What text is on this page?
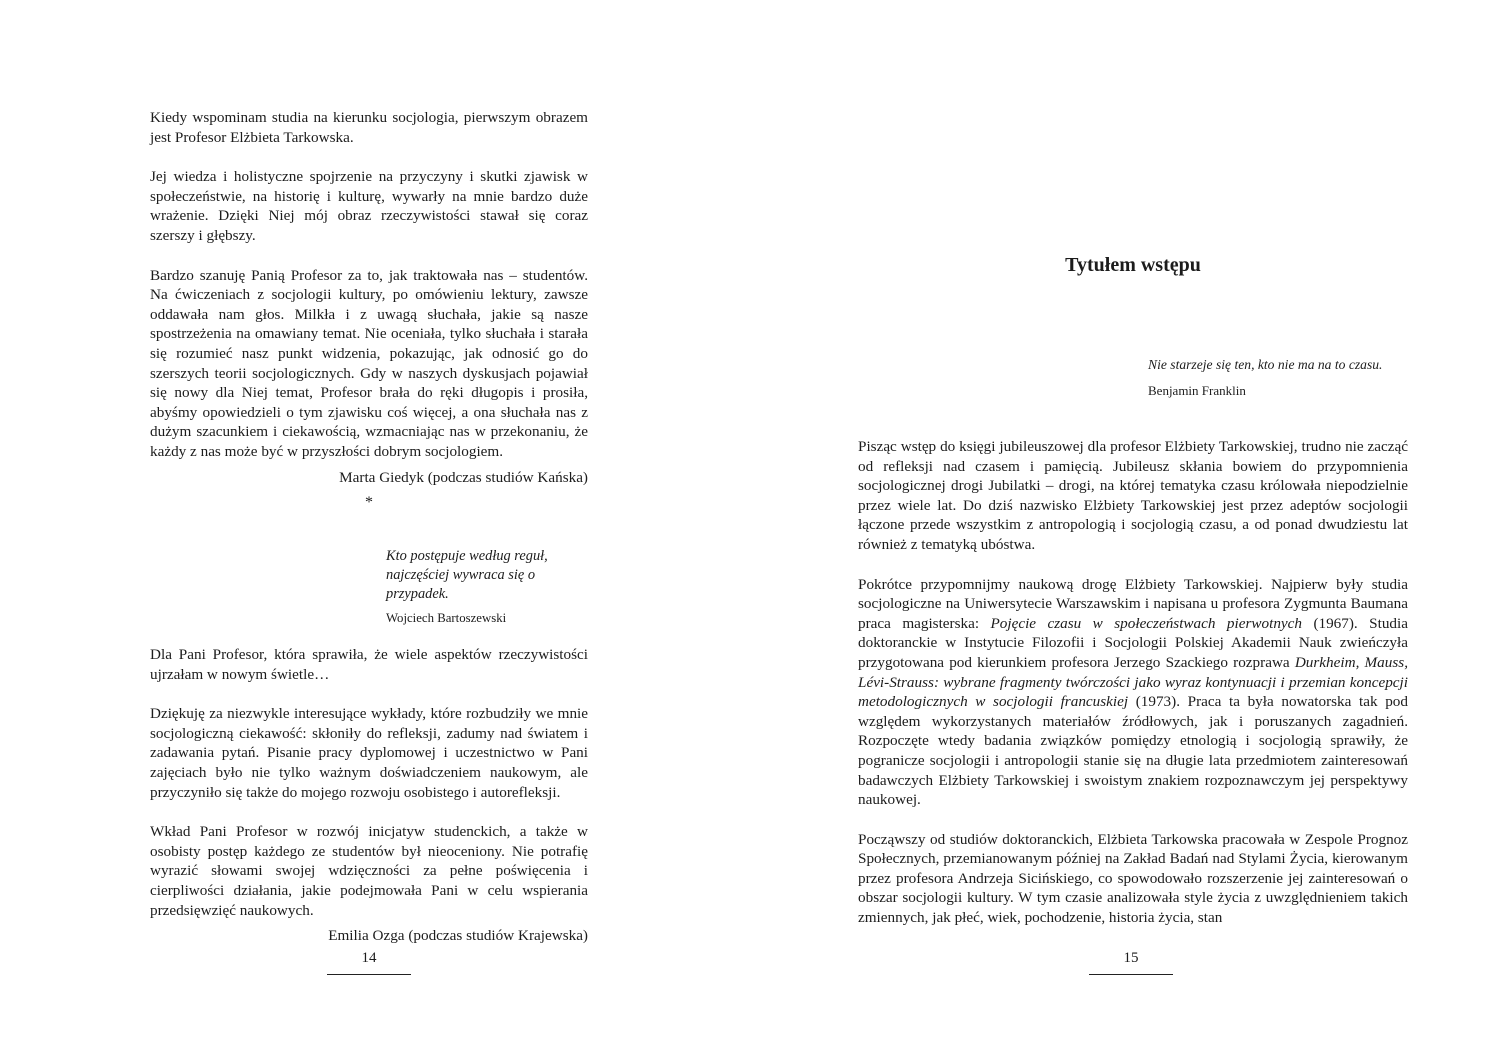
Kiedy wspominam studia na kierunku socjologia, pierwszym obrazem jest Profesor Elżbieta Tarkowska.

Jej wiedza i holistyczne spojrzenie na przyczyny i skutki zjawisk w społeczeństwie, na historię i kulturę, wywarły na mnie bardzo duże wrażenie. Dzięki Niej mój obraz rzeczywistości stawał się coraz szerszy i głębszy.

Bardzo szanuję Panią Profesor za to, jak traktowała nas – studentów. Na ćwiczeniach z socjologii kultury, po omówieniu lektury, zawsze oddawała nam głos. Milkła i z uwagą słuchała, jakie są nasze spostrzeżenia na omawiany temat. Nie oceniała, tylko słuchała i starała się rozumieć nasz punkt widzenia, pokazując, jak odnosić go do szerszych teorii socjologicznych. Gdy w naszych dyskusjach pojawiał się nowy dla Niej temat, Profesor brała do ręki długopis i prosiła, abyśmy opowiedzieli o tym zjawisku coś więcej, a ona słuchała nas z dużym szacunkiem i ciekawością, wzmacniając nas w przekonaniu, że każdy z nas może być w przyszłości dobrym socjologiem.

Marta Giedyk (podczas studiów Kańska)

*

Kto postępuje według reguł,

najczęściej wywraca się o przypadek.

Wojciech Bartoszewski

Dla Pani Profesor, która sprawiła, że wiele aspektów rzeczywistości ujrzałam w nowym świetle…

Dziękuję za niezwykle interesujące wykłady, które rozbudziły we mnie socjologiczną ciekawość: skłoniły do refleksji, zadumy nad światem i zadawania pytań. Pisanie pracy dyplomowej i uczestnictwo w Pani zajęciach było nie tylko ważnym doświadczeniem naukowym, ale przyczyniło się także do mojego rozwoju osobistego i autorefleksji.

Wkład Pani Profesor w rozwój inicjatyw studenckich, a także w osobisty postęp każdego ze studentów był nieoceniony. Nie potrafię wyrazić słowami swojej wdzięczności za pełne poświęcenia i cierpliwości działania, jakie podejmowała Pani w celu wspierania przedsięwzięć naukowych.

Emilia Ozga (podczas studiów Krajewska)

14
Tytułem wstępu

Nie starzeje się ten, kto nie ma na to czasu.

Benjamin Franklin

Pisząc wstęp do księgi jubileuszowej dla profesor Elżbiety Tarkowskiej, trudno nie zacząć od refleksji nad czasem i pamięcią. Jubileusz skłania bowiem do przypomnienia socjologicznej drogi Jubilatki – drogi, na której tematyka czasu królowała niepodzielnie przez wiele lat. Do dziś nazwisko Elżbiety Tarkowskiej jest przez adeptów socjologii łączone przede wszystkim z antropologią i socjologią czasu, a od ponad dwudziestu lat również z tematyką ubóstwa.

Pokrótce przypomnijmy naukową drogę Elżbiety Tarkowskiej. Najpierw były studia socjologiczne na Uniwersytecie Warszawskim i napisana u profesora Zygmunta Baumana praca magisterska: Pojęcie czasu w społeczeństwach pierwotnych (1967). Studia doktoranckie w Instytucie Filozofii i Socjologii Polskiej Akademii Nauk zwieńczyła przygotowana pod kierunkiem profesora Jerzego Szackiego rozprawa Durkheim, Mauss, Lévi-Strauss: wybrane fragmenty twórczości jako wyraz kontynuacji i przemian koncepcji metodologicznych w socjologii francuskiej (1973). Praca ta była nowatorska tak pod względem wykorzystanych materiałów źródłowych, jak i poruszanych zagadnień. Rozpoczęte wtedy badania związków pomiędzy etnologią i socjologią sprawiły, że pogranicze socjologii i antropologii stanie się na długie lata przedmiotem zainteresowań badawczych Elżbiety Tarkowskiej i swoistym znakiem rozpoznawczym jej perspektywy naukowej.

Począwszy od studiów doktoranckich, Elżbieta Tarkowska pracowała w Zespole Prognoz Społecznych, przemianowanym później na Zakład Badań nad Stylami Życia, kierowanym przez profesora Andrzeja Sicińskiego, co spowodowało rozszerzenie jej zainteresowań o obszar socjologii kultury. W tym czasie analizowała style życia z uwzględnieniem takich zmiennych, jak płeć, wiek, pochodzenie, historia życia, stan

15
